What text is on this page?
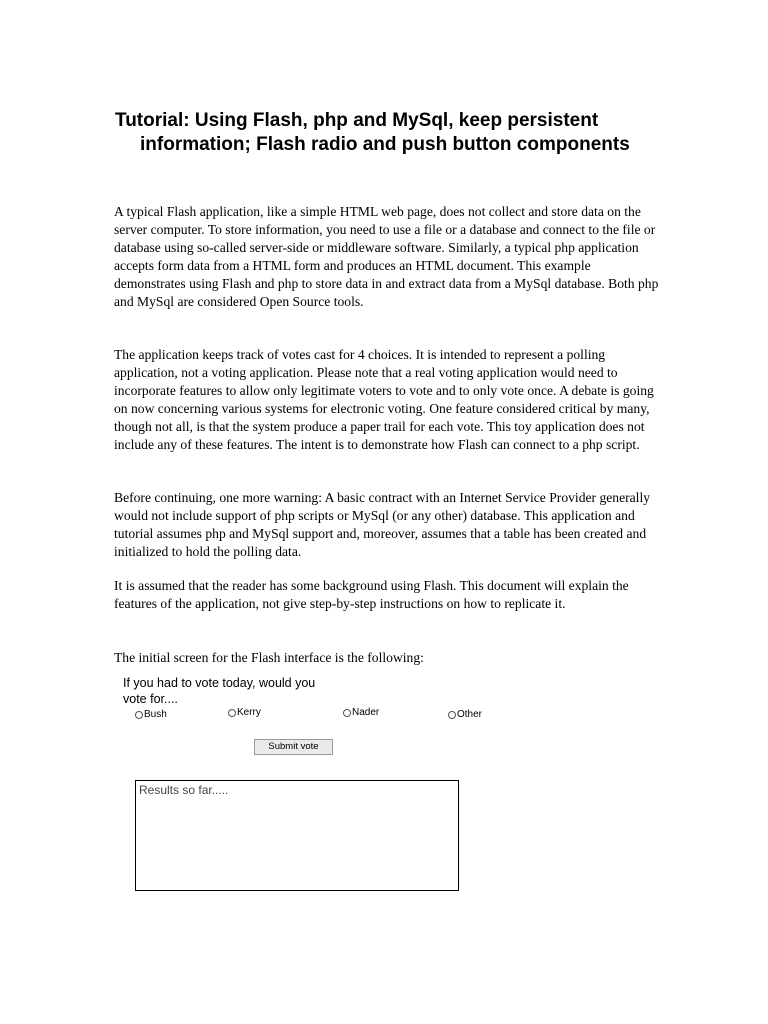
Tutorial: Using Flash, php and MySql, keep persistent information; Flash radio and push button components

A typical Flash application, like a simple HTML web page, does not collect and store data on the server computer. To store information, you need to use a file or a database and connect to the file or database using so-called server-side or middleware software. Similarly, a typical php application accepts form data from a HTML form and produces an HTML document. This example demonstrates using Flash and php to store data in and extract data from a MySql database. Both php and MySql are considered Open Source tools.

The application keeps track of votes cast for 4 choices. It is intended to represent a polling application, not a voting application. Please note that a real voting application would need to incorporate features to allow only legitimate voters to vote and to only vote once. A debate is going on now concerning various systems for electronic voting. One feature considered critical by many, though not all, is that the system produce a paper trail for each vote. This toy application does not include any of these features. The intent is to demonstrate how Flash can connect to a php script.

Before continuing, one more warning: A basic contract with an Internet Service Provider generally would not include support of php scripts or MySql (or any other) database. This application and tutorial assumes php and MySql support and, moreover, assumes that a table has been created and initialized to hold the polling data.

It is assumed that the reader has some background using Flash. This document will explain the features of the application, not give step-by-step instructions on how to replicate it.

The initial screen for the Flash interface is the following:

If you had to vote today, would you vote for....

Bush	Kerry	Nader	Other
Submit vote
Results so far.....
